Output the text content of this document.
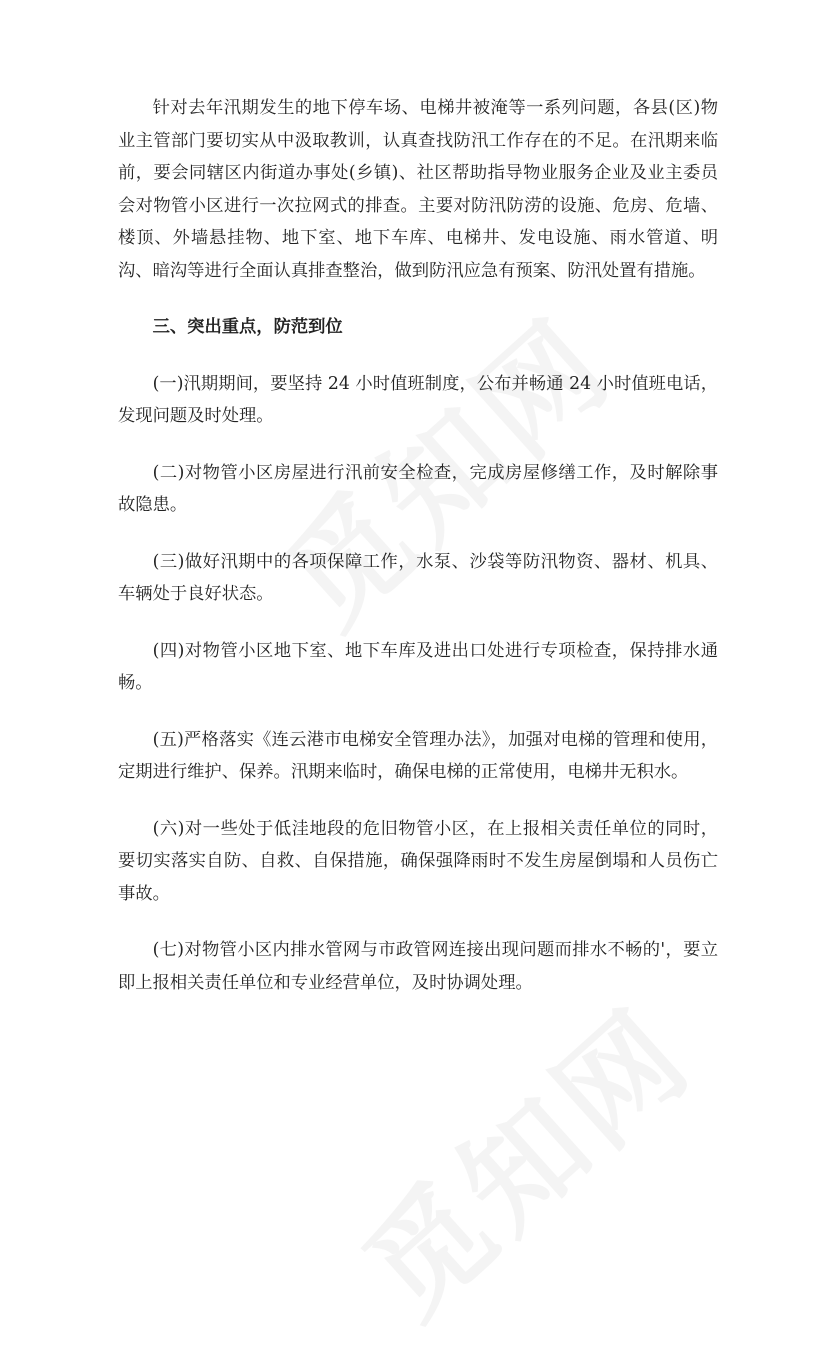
针对去年汛期发生的地下停车场、电梯井被淹等一系列问题，各县(区)物业主管部门要切实从中汲取教训，认真查找防汛工作存在的不足。在汛期来临前，要会同辖区内街道办事处(乡镇)、社区帮助指导物业服务企业及业主委员会对物管小区进行一次拉网式的排查。主要对防汛防涝的设施、危房、危墙、楼顶、外墙悬挂物、地下室、地下车库、电梯井、发电设施、雨水管道、明沟、暗沟等进行全面认真排查整治，做到防汛应急有预案、防汛处置有措施。

三、突出重点，防范到位

(一)汛期期间，要坚持 24 小时值班制度，公布并畅通 24 小时值班电话，发现问题及时处理。

(二)对物管小区房屋进行汛前安全检查，完成房屋修缮工作，及时解除事故隐患。

(三)做好汛期中的各项保障工作，水泵、沙袋等防汛物资、器材、机具、车辆处于良好状态。

(四)对物管小区地下室、地下车库及进出口处进行专项检查，保持排水通畅。

(五)严格落实《连云港市电梯安全管理办法》，加强对电梯的管理和使用，定期进行维护、保养。汛期来临时，确保电梯的正常使用，电梯井无积水。

(六)对一些处于低洼地段的危旧物管小区，在上报相关责任单位的同时，要切实落实自防、自救、自保措施，确保强降雨时不发生房屋倒塌和人员伤亡事故。

(七)对物管小区内排水管网与市政管网连接出现问题而排水不畅的'，要立即上报相关责任单位和专业经营单位，及时协调处理。
